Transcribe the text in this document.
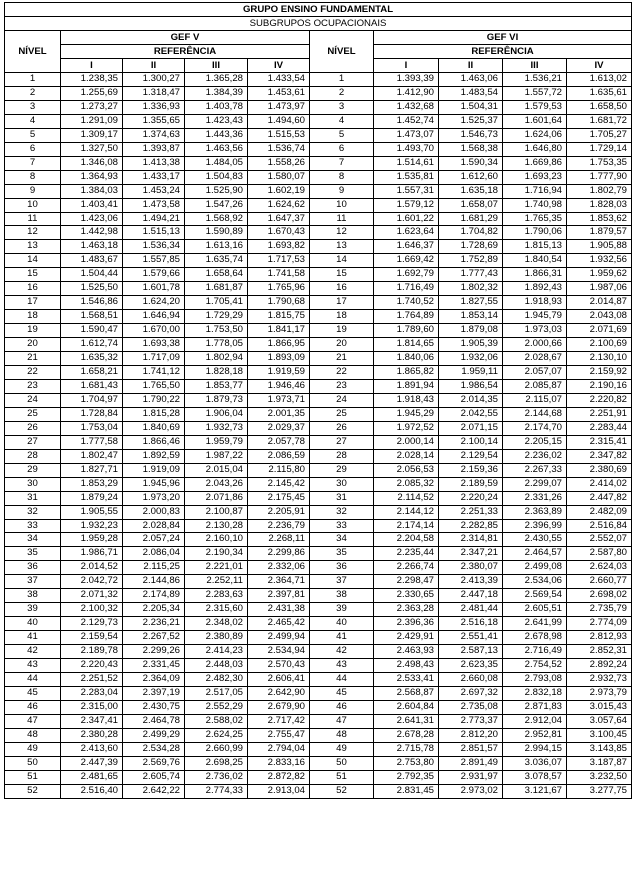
GRUPO ENSINO FUNDAMENTAL									
SUBGRUPOS OCUPACIONAIS									
NÍVEL	GEF V				NÍVEL	GEF VI			
	REFERÊNCIA					REFERÊNCIA			
	I	II	III	IV		I	II	III	IV
1	1.238,35	1.300,27	1.365,28	1.433,54	1	1.393,39	1.463,06	1.536,21	1.613,02
2	1.255,69	1.318,47	1.384,39	1.453,61	2	1.412,90	1.483,54	1.557,72	1.635,61
3	1.273,27	1.336,93	1.403,78	1.473,97	3	1.432,68	1.504,31	1.579,53	1.658,50
4	1.291,09	1.355,65	1.423,43	1.494,60	4	1.452,74	1.525,37	1.601,64	1.681,72
5	1.309,17	1.374,63	1.443,36	1.515,53	5	1.473,07	1.546,73	1.624,06	1.705,27
6	1.327,50	1.393,87	1.463,56	1.536,74	6	1.493,70	1.568,38	1.646,80	1.729,14
7	1.346,08	1.413,38	1.484,05	1.558,26	7	1.514,61	1.590,34	1.669,86	1.753,35
8	1.364,93	1.433,17	1.504,83	1.580,07	8	1.535,81	1.612,60	1.693,23	1.777,90
9	1.384,03	1.453,24	1.525,90	1.602,19	9	1.557,31	1.635,18	1.716,94	1.802,79
10	1.403,41	1.473,58	1.547,26	1.624,62	10	1.579,12	1.658,07	1.740,98	1.828,03
11	1.423,06	1.494,21	1.568,92	1.647,37	11	1.601,22	1.681,29	1.765,35	1.853,62
12	1.442,98	1.515,13	1.590,89	1.670,43	12	1.623,64	1.704,82	1.790,06	1.879,57
13	1.463,18	1.536,34	1.613,16	1.693,82	13	1.646,37	1.728,69	1.815,13	1.905,88
14	1.483,67	1.557,85	1.635,74	1.717,53	14	1.669,42	1.752,89	1.840,54	1.932,56
15	1.504,44	1.579,66	1.658,64	1.741,58	15	1.692,79	1.777,43	1.866,31	1.959,62
16	1.525,50	1.601,78	1.681,87	1.765,96	16	1.716,49	1.802,32	1.892,43	1.987,06
17	1.546,86	1.624,20	1.705,41	1.790,68	17	1.740,52	1.827,55	1.918,93	2.014,87
18	1.568,51	1.646,94	1.729,29	1.815,75	18	1.764,89	1.853,14	1.945,79	2.043,08
19	1.590,47	1.670,00	1.753,50	1.841,17	19	1.789,60	1.879,08	1.973,03	2.071,69
20	1.612,74	1.693,38	1.778,05	1.866,95	20	1.814,65	1.905,39	2.000,66	2.100,69
21	1.635,32	1.717,09	1.802,94	1.893,09	21	1.840,06	1.932,06	2.028,67	2.130,10
22	1.658,21	1.741,12	1.828,18	1.919,59	22	1.865,82	1.959,11	2.057,07	2.159,92
23	1.681,43	1.765,50	1.853,77	1.946,46	23	1.891,94	1.986,54	2.085,87	2.190,16
24	1.704,97	1.790,22	1.879,73	1.973,71	24	1.918,43	2.014,35	2.115,07	2.220,82
25	1.728,84	1.815,28	1.906,04	2.001,35	25	1.945,29	2.042,55	2.144,68	2.251,91
26	1.753,04	1.840,69	1.932,73	2.029,37	26	1.972,52	2.071,15	2.174,70	2.283,44
27	1.777,58	1.866,46	1.959,79	2.057,78	27	2.000,14	2.100,14	2.205,15	2.315,41
28	1.802,47	1.892,59	1.987,22	2.086,59	28	2.028,14	2.129,54	2.236,02	2.347,82
29	1.827,71	1.919,09	2.015,04	2.115,80	29	2.056,53	2.159,36	2.267,33	2.380,69
30	1.853,29	1.945,96	2.043,26	2.145,42	30	2.085,32	2.189,59	2.299,07	2.414,02
31	1.879,24	1.973,20	2.071,86	2.175,45	31	2.114,52	2.220,24	2.331,26	2.447,82
32	1.905,55	2.000,83	2.100,87	2.205,91	32	2.144,12	2.251,33	2.363,89	2.482,09
33	1.932,23	2.028,84	2.130,28	2.236,79	33	2.174,14	2.282,85	2.396,99	2.516,84
34	1.959,28	2.057,24	2.160,10	2.268,11	34	2.204,58	2.314,81	2.430,55	2.552,07
35	1.986,71	2.086,04	2.190,34	2.299,86	35	2.235,44	2.347,21	2.464,57	2.587,80
36	2.014,52	2.115,25	2.221,01	2.332,06	36	2.266,74	2.380,07	2.499,08	2.624,03
37	2.042,72	2.144,86	2.252,11	2.364,71	37	2.298,47	2.413,39	2.534,06	2.660,77
38	2.071,32	2.174,89	2.283,63	2.397,81	38	2.330,65	2.447,18	2.569,54	2.698,02
39	2.100,32	2.205,34	2.315,60	2.431,38	39	2.363,28	2.481,44	2.605,51	2.735,79
40	2.129,73	2.236,21	2.348,02	2.465,42	40	2.396,36	2.516,18	2.641,99	2.774,09
41	2.159,54	2.267,52	2.380,89	2.499,94	41	2.429,91	2.551,41	2.678,98	2.812,93
42	2.189,78	2.299,26	2.414,23	2.534,94	42	2.463,93	2.587,13	2.716,49	2.852,31
43	2.220,43	2.331,45	2.448,03	2.570,43	43	2.498,43	2.623,35	2.754,52	2.892,24
44	2.251,52	2.364,09	2.482,30	2.606,41	44	2.533,41	2.660,08	2.793,08	2.932,73
45	2.283,04	2.397,19	2.517,05	2.642,90	45	2.568,87	2.697,32	2.832,18	2.973,79
46	2.315,00	2.430,75	2.552,29	2.679,90	46	2.604,84	2.735,08	2.871,83	3.015,43
47	2.347,41	2.464,78	2.588,02	2.717,42	47	2.641,31	2.773,37	2.912,04	3.057,64
48	2.380,28	2.499,29	2.624,25	2.755,47	48	2.678,28	2.812,20	2.952,81	3.100,45
49	2.413,60	2.534,28	2.660,99	2.794,04	49	2.715,78	2.851,57	2.994,15	3.143,85
50	2.447,39	2.569,76	2.698,25	2.833,16	50	2.753,80	2.891,49	3.036,07	3.187,87
51	2.481,65	2.605,74	2.736,02	2.872,82	51	2.792,35	2.931,97	3.078,57	3.232,50
52	2.516,40	2.642,22	2.774,33	2.913,04	52	2.831,45	2.973,02	3.121,67	3.277,75
